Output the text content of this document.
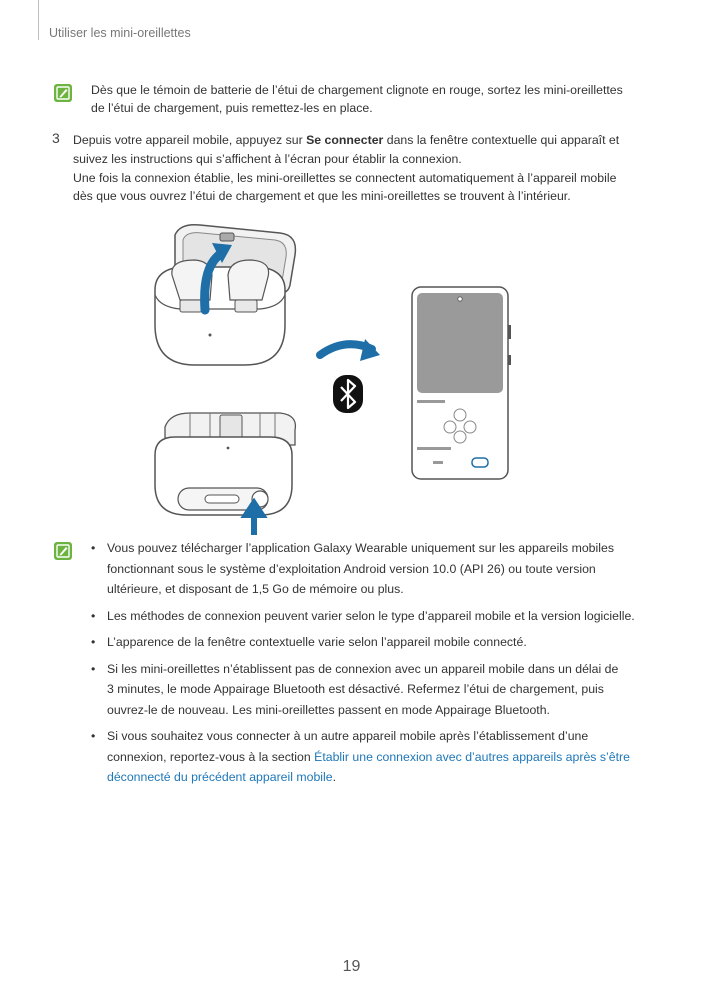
Utiliser les mini-oreillettes
Dès que le témoin de batterie de l’étui de chargement clignote en rouge, sortez les mini-oreillettes
de l’étui de chargement, puis remettez-les en place.
3 Depuis votre appareil mobile, appuyez sur Se connecter dans la fenêtre contextuelle qui apparaît et
suivez les instructions qui s’affichent à l’écran pour établir la connexion.
Une fois la connexion établie, les mini-oreillettes se connectent automatiquement à l’appareil mobile
dès que vous ouvrez l’étui de chargement et que les mini-oreillettes se trouvent à l’intérieur.
• Vous pouvez télécharger l’application Galaxy Wearable uniquement sur les appareils mobiles
fonctionnant sous le système d’exploitation Android version 10.0 (API 26) ou toute version
ultérieure, et disposant de 1,5 Go de mémoire ou plus.
• Les méthodes de connexion peuvent varier selon le type d’appareil mobile et la version logicielle.
• L’apparence de la fenêtre contextuelle varie selon l’appareil mobile connecté.
• Si les mini-oreillettes n’établissent pas de connexion avec un appareil mobile dans un délai de
3 minutes, le mode Appairage Bluetooth est désactivé. Refermez l’étui de chargement, puis
ouvrez-le de nouveau. Les mini-oreillettes passent en mode Appairage Bluetooth.
• Si vous souhaitez vous connecter à un autre appareil mobile après l’établissement d’une
connexion, reportez-vous à la section Établir une connexion avec d’autres appareils après s’être
déconnecté du précédent appareil mobile.
19
